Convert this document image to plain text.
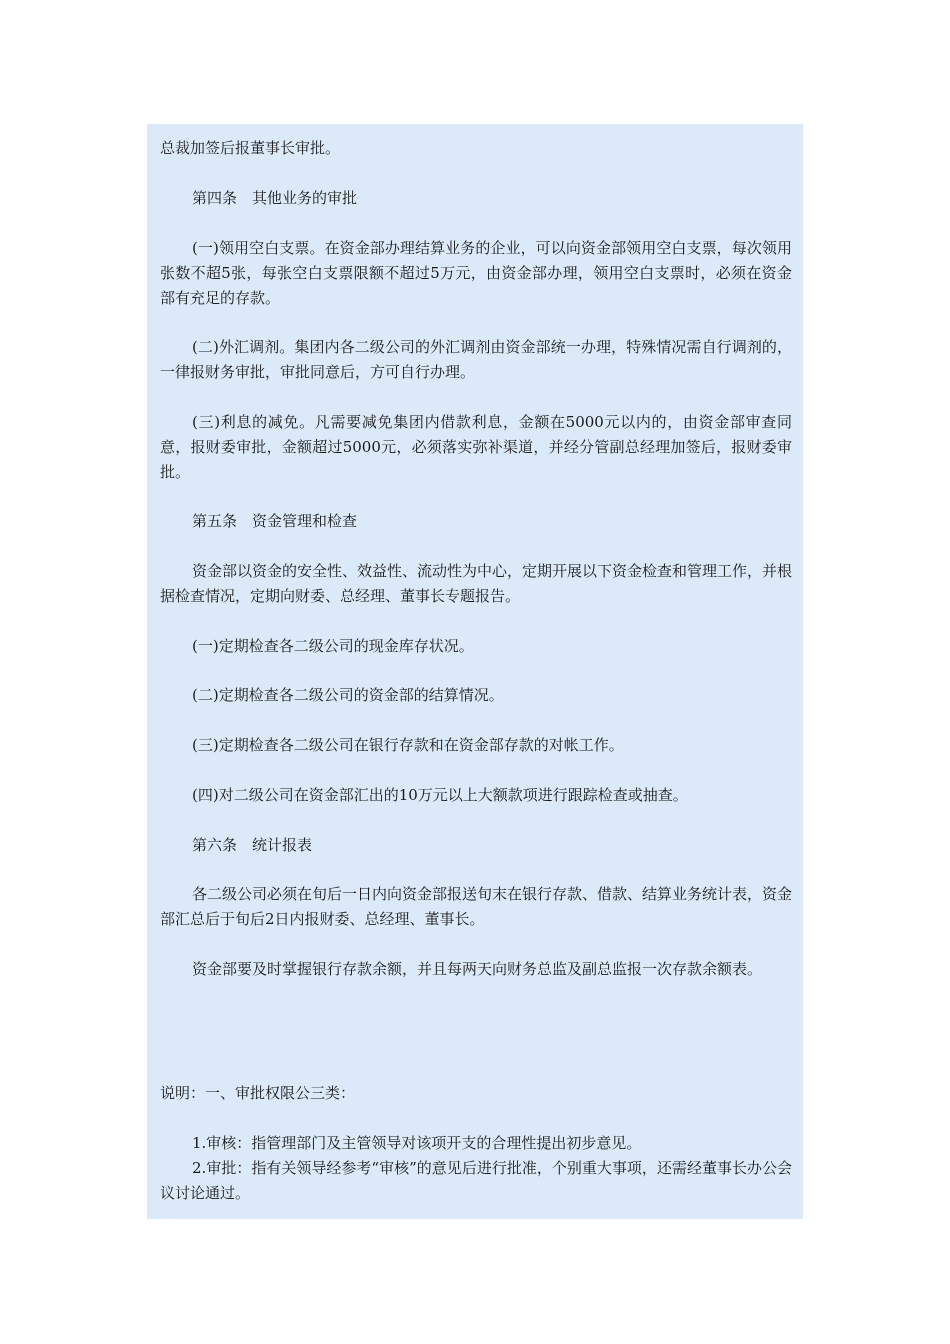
总裁加签后报董事长审批。

第四条　其他业务的审批

(一)领用空白支票。在资金部办理结算业务的企业，可以向资金部领用空白支票，每次领用张数不超5张，每张空白支票限额不超过5万元，由资金部办理，领用空白支票时，必须在资金部有充足的存款。

(二)外汇调剂。集团内各二级公司的外汇调剂由资金部统一办理，特殊情况需自行调剂的，一律报财务审批，审批同意后，方可自行办理。

(三)利息的减免。凡需要减免集团内借款利息，金额在5000元以内的，由资金部审查同意，报财委审批，金额超过5000元，必须落实弥补渠道，并经分管副总经理加签后，报财委审批。

第五条　资金管理和检查

资金部以资金的安全性、效益性、流动性为中心，定期开展以下资金检查和管理工作，并根据检查情况，定期向财委、总经理、董事长专题报告。

(一)定期检查各二级公司的现金库存状况。

(二)定期检查各二级公司的资金部的结算情况。

(三)定期检查各二级公司在银行存款和在资金部存款的对帐工作。

(四)对二级公司在资金部汇出的10万元以上大额款项进行跟踪检查或抽查。

第六条　统计报表

各二级公司必须在旬后一日内向资金部报送旬末在银行存款、借款、结算业务统计表，资金部汇总后于旬后2日内报财委、总经理、董事长。

资金部要及时掌握银行存款余额，并且每两天向财务总监及副总监报一次存款余额表。

说明：一、审批权限公三类：

1.审核：指管理部门及主管领导对该项开支的合理性提出初步意见。

2.审批：指有关领导经参考“审核”的意见后进行批准，个别重大事项，还需经董事长办公会议讨论通过。
